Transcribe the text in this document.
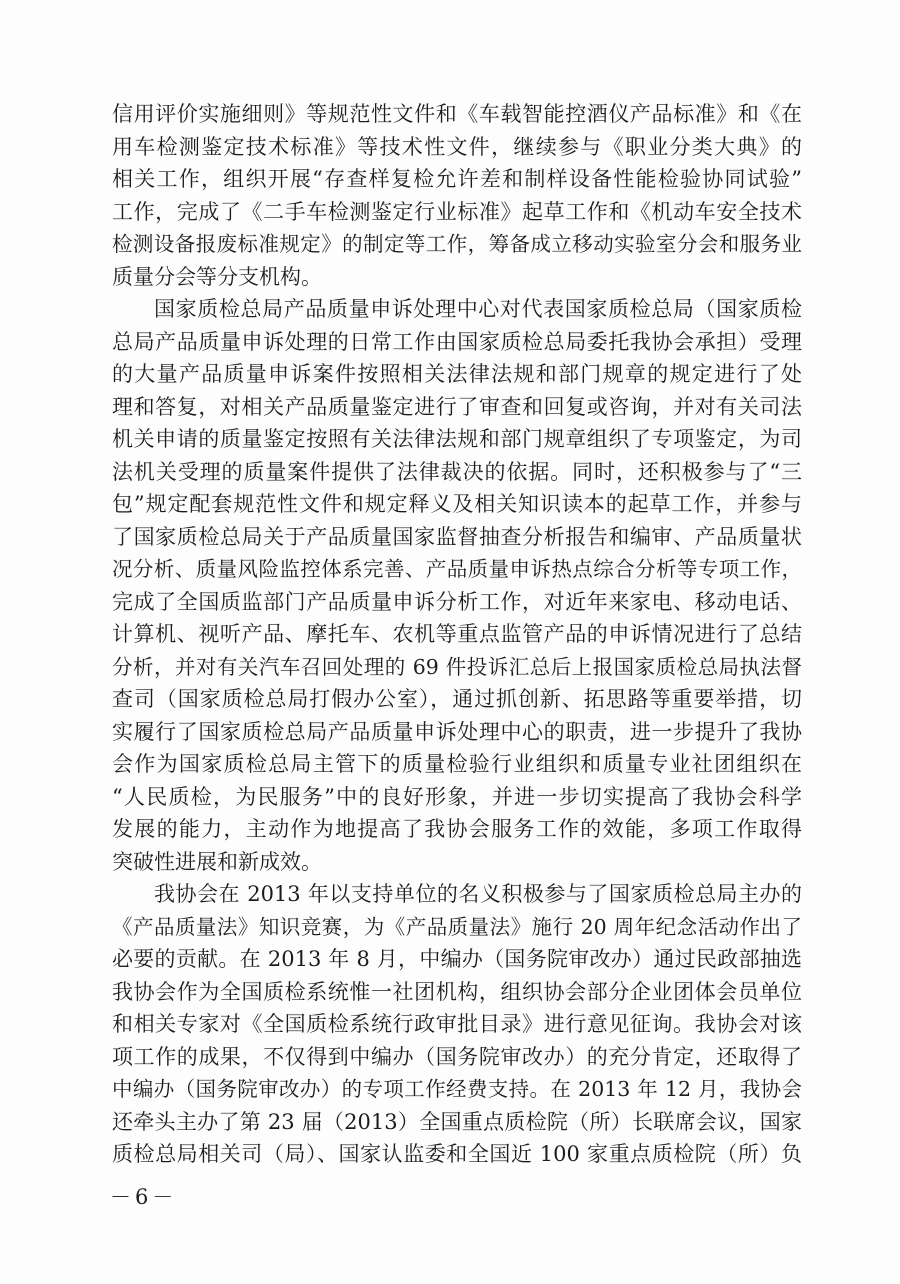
信用评价实施细则》等规范性文件和《车载智能控酒仪产品标准》和《在
用车检测鉴定技术标准》等技术性文件，继续参与《职业分类大典》的
相关工作，组织开展“存查样复检允许差和制样设备性能检验协同试验”
工作，完成了《二手车检测鉴定行业标准》起草工作和《机动车安全技术
检测设备报废标准规定》的制定等工作，筹备成立移动实验室分会和服务业
质量分会等分支机构。
国家质检总局产品质量申诉处理中心对代表国家质检总局（国家质检
总局产品质量申诉处理的日常工作由国家质检总局委托我协会承担）受理
的大量产品质量申诉案件按照相关法律法规和部门规章的规定进行了处
理和答复，对相关产品质量鉴定进行了审查和回复或咨询，并对有关司法
机关申请的质量鉴定按照有关法律法规和部门规章组织了专项鉴定，为司
法机关受理的质量案件提供了法律裁决的依据。同时，还积极参与了“三
包”规定配套规范性文件和规定释义及相关知识读本的起草工作，并参与
了国家质检总局关于产品质量国家监督抽查分析报告和编审、产品质量状
况分析、质量风险监控体系完善、产品质量申诉热点综合分析等专项工作，
完成了全国质监部门产品质量申诉分析工作，对近年来家电、移动电话、
计算机、视听产品、摩托车、农机等重点监管产品的申诉情况进行了总结
分析，并对有关汽车召回处理的 69 件投诉汇总后上报国家质检总局执法督
查司（国家质检总局打假办公室），通过抓创新、拓思路等重要举措，切
实履行了国家质检总局产品质量申诉处理中心的职责，进一步提升了我协
会作为国家质检总局主管下的质量检验行业组织和质量专业社团组织在
“人民质检，为民服务”中的良好形象，并进一步切实提高了我协会科学
发展的能力，主动作为地提高了我协会服务工作的效能，多项工作取得
突破性进展和新成效。
我协会在 2013 年以支持单位的名义积极参与了国家质检总局主办的
《产品质量法》知识竞赛，为《产品质量法》施行 20 周年纪念活动作出了
必要的贡献。在 2013 年 8 月，中编办（国务院审改办）通过民政部抽选
我协会作为全国质检系统惟一社团机构，组织协会部分企业团体会员单位
和相关专家对《全国质检系统行政审批目录》进行意见征询。我协会对该
项工作的成果，不仅得到中编办（国务院审改办）的充分肯定，还取得了
中编办（国务院审改办）的专项工作经费支持。在 2013 年 12 月，我协会
还牵头主办了第 23 届（2013）全国重点质检院（所）长联席会议，国家
质检总局相关司（局）、国家认监委和全国近 100 家重点质检院（所）负
－6－
